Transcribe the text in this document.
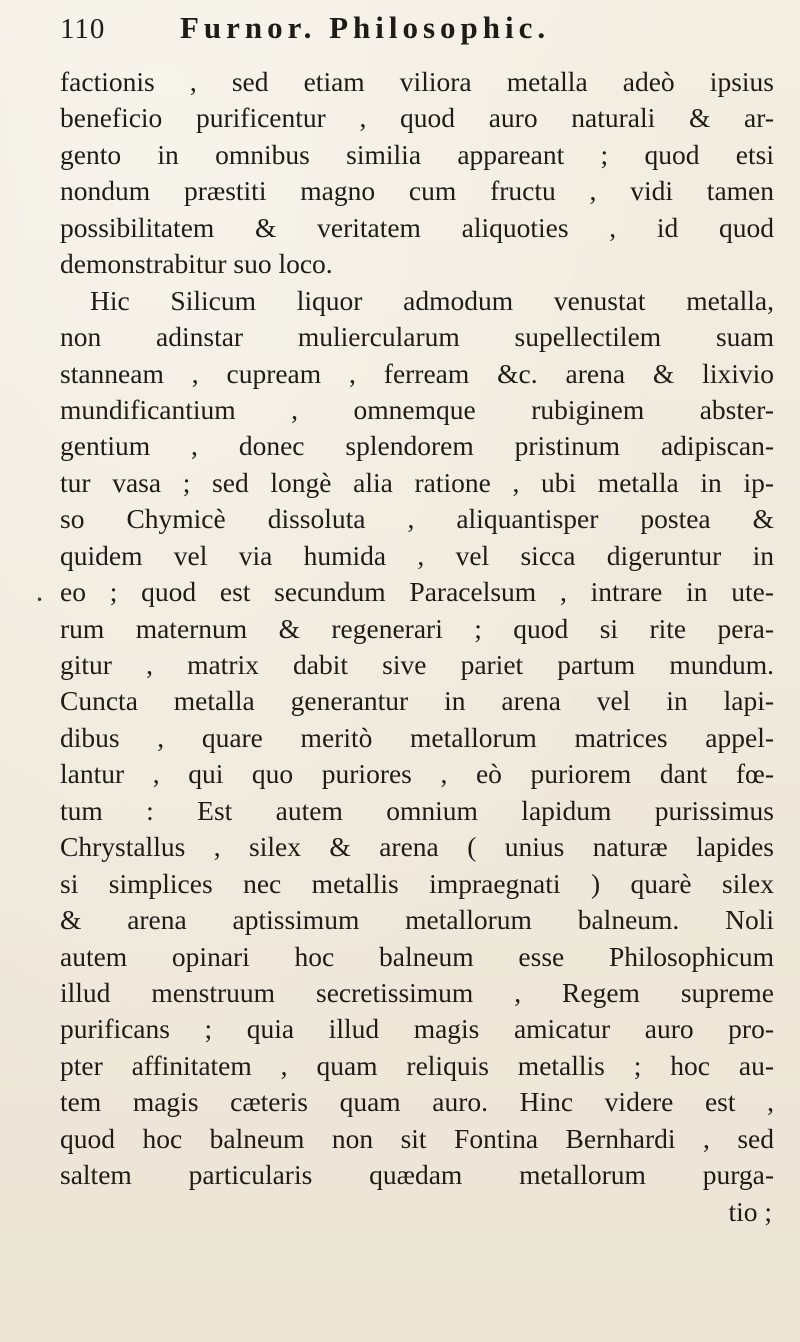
110	Furnor. Philosophic.
•
factionis , sed etiam viliora metalla adeò ipsius
beneficio purificentur , quod auro naturali & ar-
gento in omnibus similia appareant ; quod etsi
nondum præstiti magno cum fructu , vidi tamen
possibilitatem & veritatem aliquoties , id quod
demonstrabitur suo loco.
Hic Silicum liquor admodum venustat metalla,
non adinstar muliercularum supellectilem suam
stanneam , cupream , ferream &c. arena & lixivio
mundificantium , omnemque rubiginem abster-
gentium , donec splendorem pristinum adipiscan-
tur vasa ; sed longè alia ratione , ubi metalla in ip-
so Chymicè dissoluta , aliquantisper postea &
quidem vel via humida , vel sicca digeruntur in
eo ; quod est secundum Paracelsum , intrare in ute-
rum maternum & regenerari ; quod si rite pera-
gitur , matrix dabit sive pariet partum mundum.
Cuncta metalla generantur in arena vel in lapi-
dibus , quare meritò metallorum matrices appel-
lantur , qui quo puriores , eò puriorem dant fœ-
tum : Est autem omnium lapidum purissimus
Chrystallus , silex & arena ( unius naturæ lapides
si simplices nec metallis impraegnati ) quarè silex
& arena aptissimum metallorum balneum. Noli
autem opinari hoc balneum esse Philosophicum
illud menstruum secretissimum , Regem supreme
purificans ; quia illud magis amicatur auro pro-
pter affinitatem , quam reliquis metallis ; hoc au-
tem magis cæteris quam auro. Hinc videre est ,
quod hoc balneum non sit Fontina Bernhardi , sed
saltem particularis quædam metallorum purga-
tio ;
